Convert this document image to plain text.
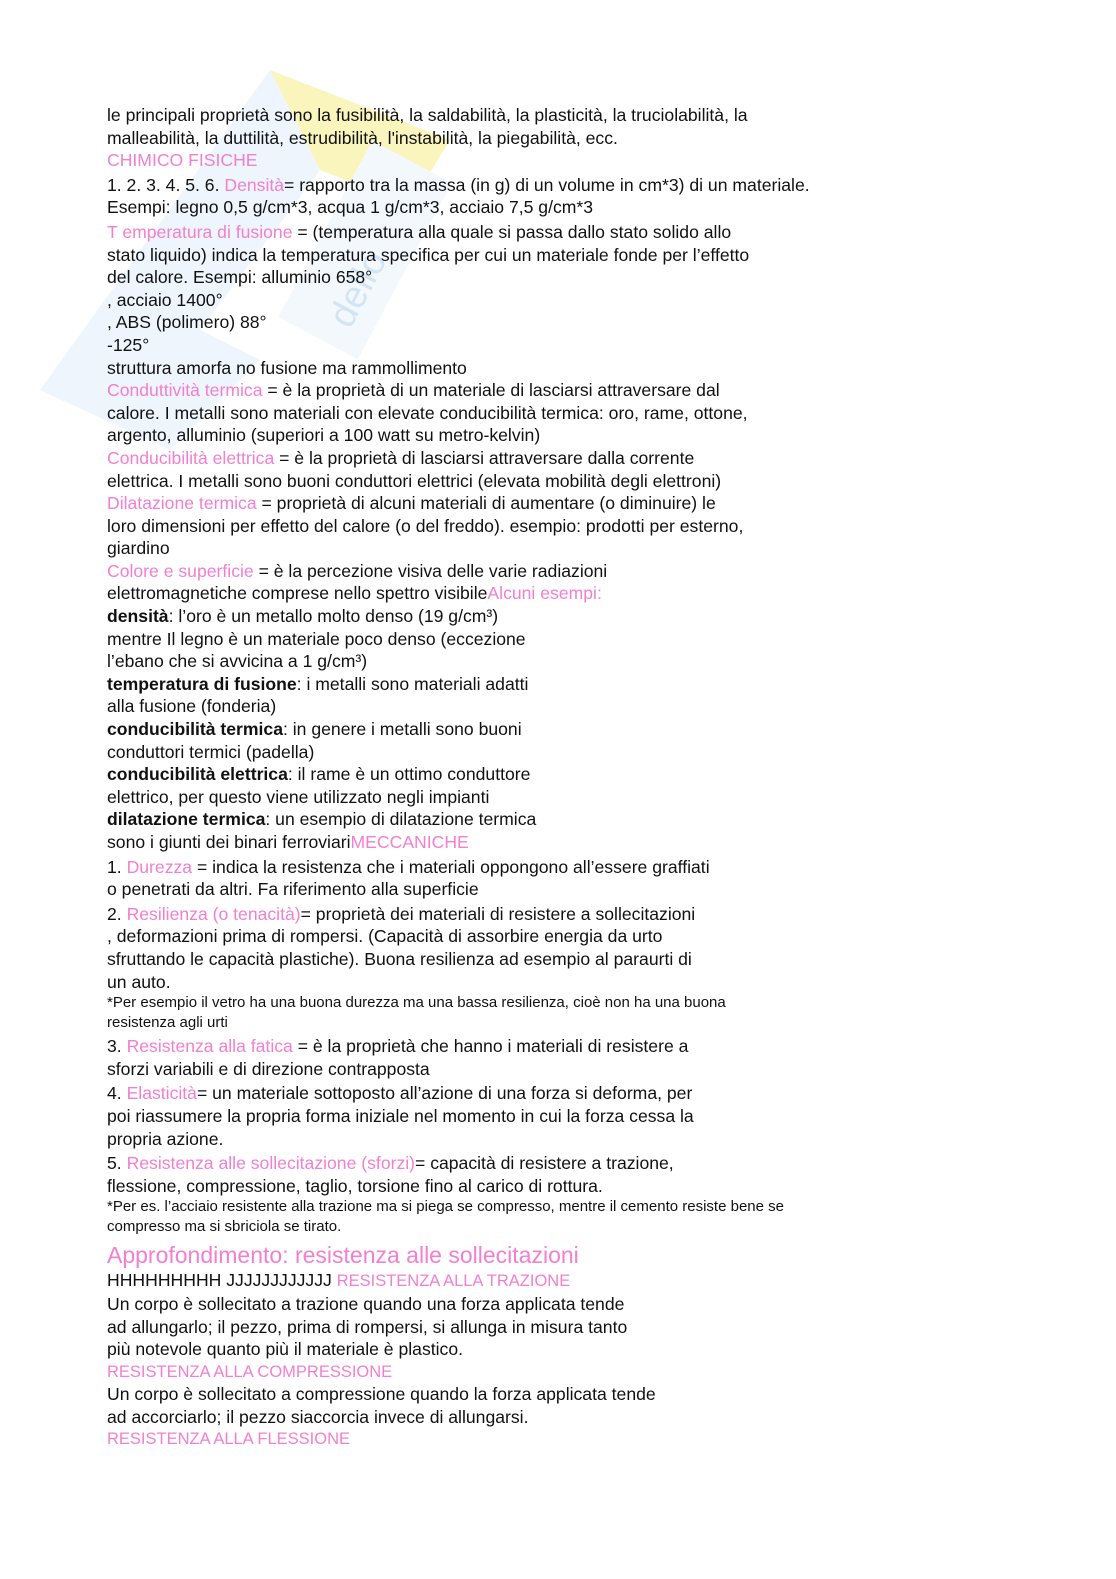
dello
le principali proprietà sono la fusibilità, la saldabilità, la plasticità, la truciolabilità, la
malleabilità, la duttilità, estrudibilità, l'instabilità, la piegabilità, ecc.
CHIMICO FISICHE
1. 2. 3. 4. 5. 6. Densità= rapporto tra la massa (in g) di un volume in cm*3) di un materiale.
Esempi: legno 0,5 g/cm*3, acqua 1 g/cm*3, acciaio 7,5 g/cm*3
T emperatura di fusione = (temperatura alla quale si passa dallo stato solido allo
stato liquido) indica la temperatura specifica per cui un materiale fonde per l’effetto
del calore. Esempi: alluminio 658°
, acciaio 1400°
, ABS (polimero) 88°
-125°
struttura amorfa no fusione ma rammollimento
Conduttività termica = è la proprietà di un materiale di lasciarsi attraversare dal
calore. I metalli sono materiali con elevate conducibilità termica: oro, rame, ottone,
argento, alluminio (superiori a 100 watt su metro-kelvin)
Conducibilità elettrica = è la proprietà di lasciarsi attraversare dalla corrente
elettrica. I metalli sono buoni conduttori elettrici (elevata mobilità degli elettroni)
Dilatazione termica = proprietà di alcuni materiali di aumentare (o diminuire) le
loro dimensioni per effetto del calore (o del freddo). esempio: prodotti per esterno,
giardino
Colore e superficie = è la percezione visiva delle varie radiazioni
elettromagnetiche comprese nello spettro visibileAlcuni esempi:
densità: l’oro è un metallo molto denso (19 g/cm³)
mentre Il legno è un materiale poco denso (eccezione
l’ebano che si avvicina a 1 g/cm³)
temperatura di fusione: i metalli sono materiali adatti
alla fusione (fonderia)
conducibilità termica: in genere i metalli sono buoni
conduttori termici (padella)
conducibilità elettrica: il rame è un ottimo conduttore
elettrico, per questo viene utilizzato negli impianti
dilatazione termica: un esempio di dilatazione termica
sono i giunti dei binari ferroviariMECCANICHE
1. Durezza = indica la resistenza che i materiali oppongono all’essere graffiati
o penetrati da altri. Fa riferimento alla superficie
2. Resilienza (o tenacità)= proprietà dei materiali di resistere a sollecitazioni
, deformazioni prima di rompersi. (Capacità di assorbire energia da urto
sfruttando le capacità plastiche). Buona resilienza ad esempio al paraurti di
un auto.
*Per esempio il vetro ha una buona durezza ma una bassa resilienza, cioè non ha una buona
resistenza agli urti
3. Resistenza alla fatica = è la proprietà che hanno i materiali di resistere a
sforzi variabili e di direzione contrapposta
4. Elasticità= un materiale sottoposto all’azione di una forza si deforma, per
poi riassumere la propria forma iniziale nel momento in cui la forza cessa la
propria azione.
5. Resistenza alle sollecitazione (sforzi)= capacità di resistere a trazione,
flessione, compressione, taglio, torsione fino al carico di rottura.
*Per es. l’acciaio resistente alla trazione ma si piega se compresso, mentre il cemento resiste bene se
compresso ma si sbriciola se tirato.
Approfondimento: resistenza alle sollecitazioni
HHHHHHHHH JJJJJJJJJJJJ RESISTENZA ALLA TRAZIONE
Un corpo è sollecitato a trazione quando una forza applicata tende
ad allungarlo; il pezzo, prima di rompersi, si allunga in misura tanto
più notevole quanto più il materiale è plastico.
RESISTENZA ALLA COMPRESSIONE
Un corpo è sollecitato a compressione quando la forza applicata tende
ad accorciarlo; il pezzo siaccorcia invece di allungarsi.
RESISTENZA ALLA FLESSIONE
